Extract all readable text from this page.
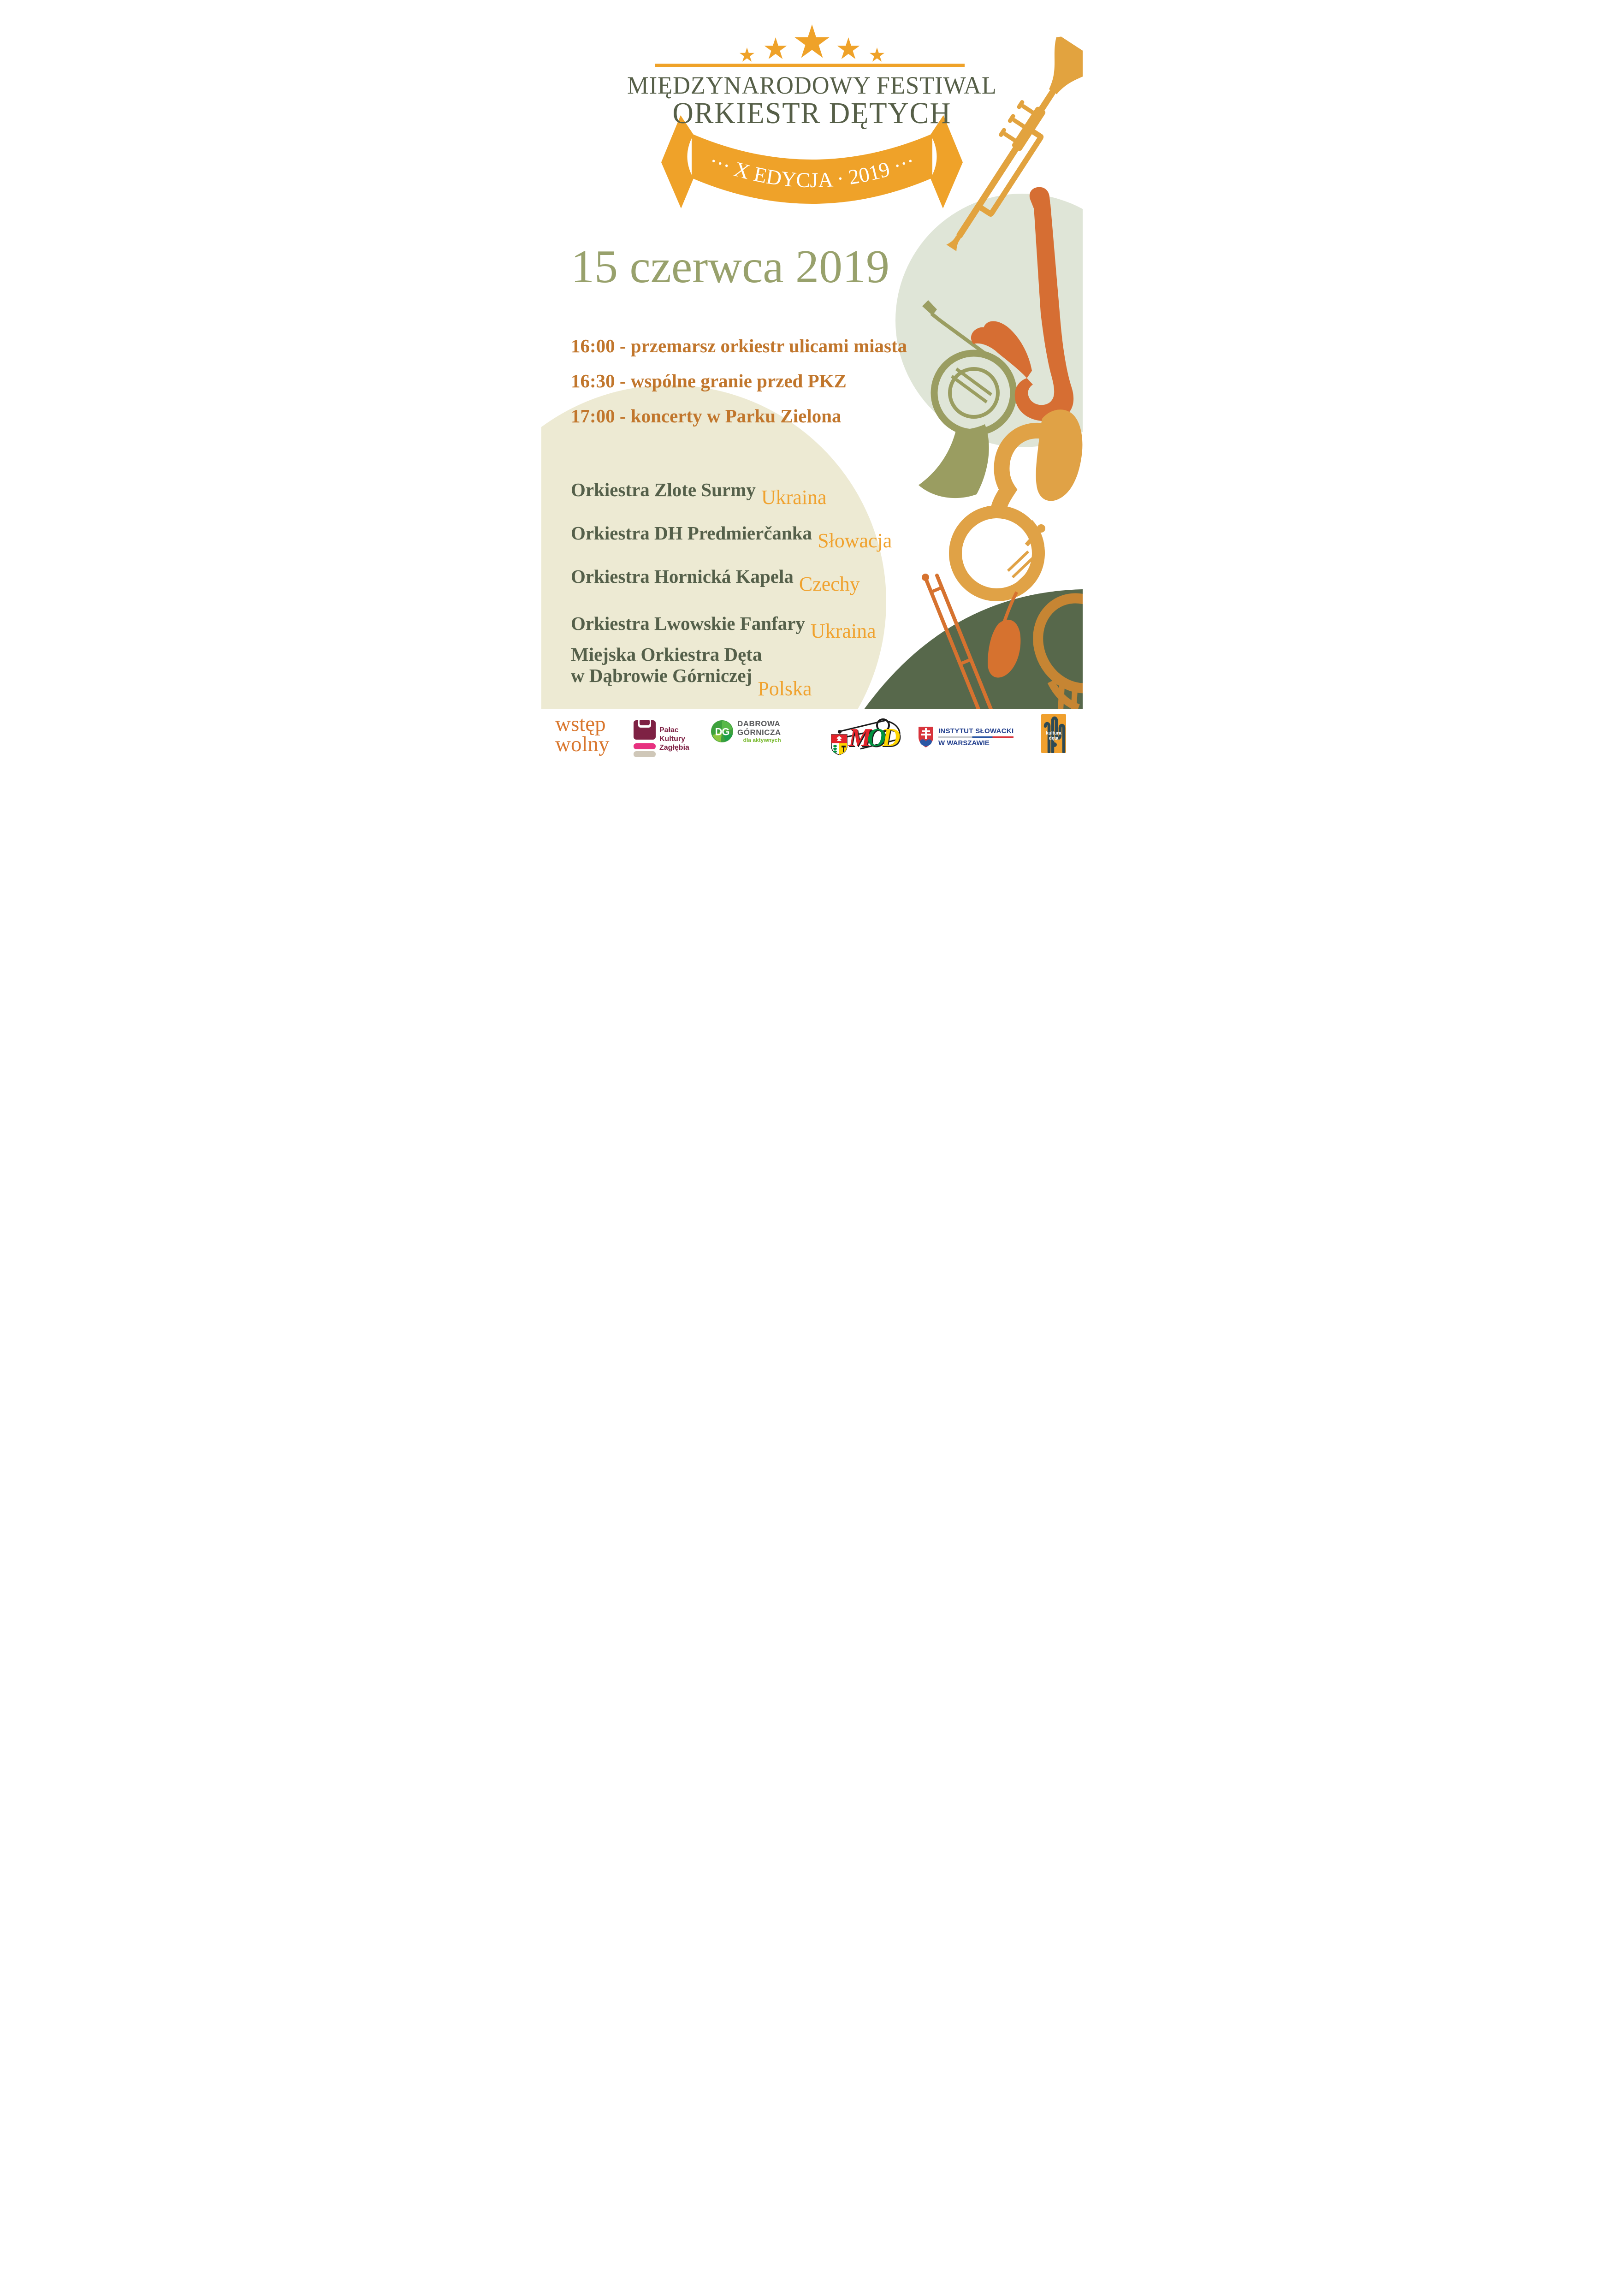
··· X EDYCJA · 2019 ···
MIĘDZYNARODOWY FESTIWAL
ORKIESTR DĘTYCH
15 czerwca 2019
16:00 - przemarsz orkiestr ulicami miasta
16:30 - wspólne granie przed PKZ
17:00 - koncerty w Parku Zielona
Orkiestra Zlote Surmy Ukraina
Orkiestra DH Predmierčanka Słowacja
Orkiestra Hornická Kapela Czechy
Orkiestra Lwowskie Fanfary Ukraina
Miejska Orkiestra Dęta
w Dąbrowie Górniczej
Polska
wstęp
wolny
Pałac
Kultury
Zagłębia
DG
DABROWA
GÓRNICZA
dla aktywnych	MOD	INSTYTUT SŁOWACKI
W WARSZAWIE
kultura dęta
